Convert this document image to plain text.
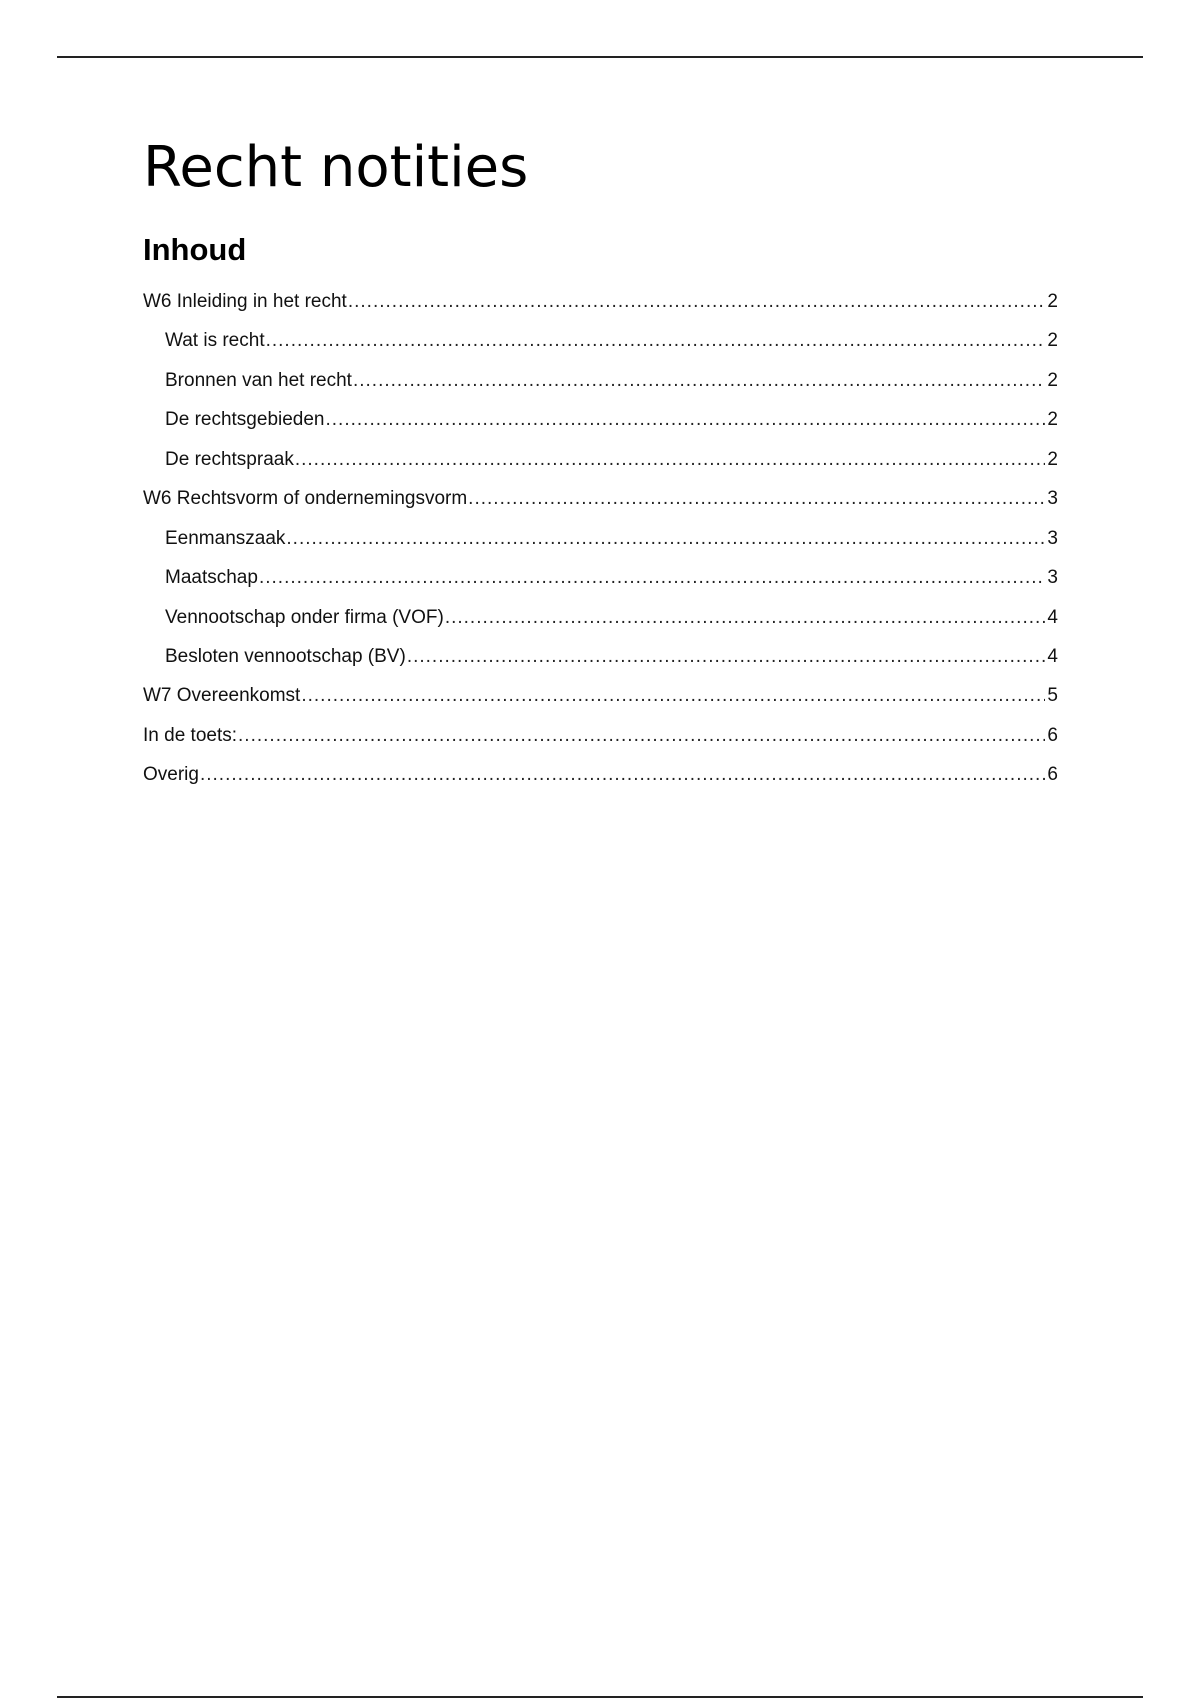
Recht notities
Inhoud
W6 Inleiding in het recht .....	2
Wat is recht .....	2
Bronnen van het recht .....	2
De rechtsgebieden .....	2
De rechtspraak .....	2
W6 Rechtsvorm of ondernemingsvorm .....	3
Eenmanszaak .....	3
Maatschap .....	3
Vennootschap onder firma (VOF) .....	4
Besloten vennootschap (BV) .....	4
W7 Overeenkomst .....	5
In de toets: .....	6
Overig .....	6
